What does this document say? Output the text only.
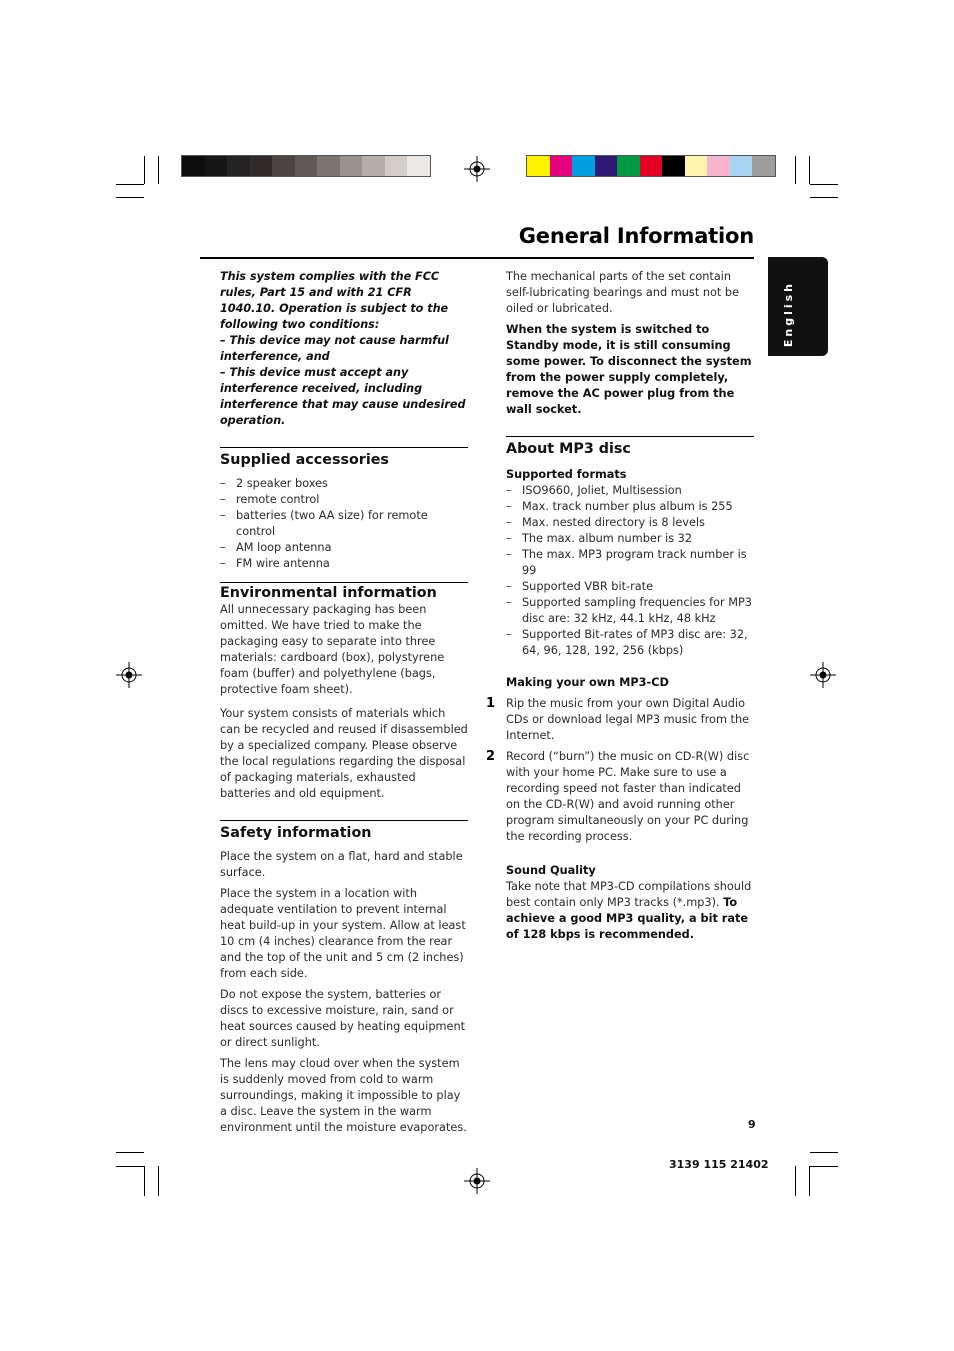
General Information
English

This system complies with the FCC rules, Part 15 and with 21 CFR 1040.10. Operation is subject to the following two conditions:

– This device may not cause harmful interference, and

– This device must accept any interference received, including interference that may cause undesired operation.

Supplied accessories
– 2 speaker boxes
– remote control
– batteries (two AA size) for remote control
– AM loop antenna
– FM wire antenna
Environmental information

All unnecessary packaging has been omitted. We have tried to make the packaging easy to separate into three materials: cardboard (box), polystyrene foam (buffer) and polyethylene (bags, protective foam sheet).

Your system consists of materials which can be recycled and reused if disassembled by a specialized company. Please observe the local regulations regarding the disposal of packaging materials, exhausted batteries and old equipment.

Safety information

Place the system on a flat, hard and stable surface.

Place the system in a location with adequate ventilation to prevent internal heat build-up in your system. Allow at least 10 cm (4 inches) clearance from the rear and the top of the unit and 5 cm (2 inches) from each side.

Do not expose the system, batteries or discs to excessive moisture, rain, sand or heat sources caused by heating equipment or direct sunlight.

The lens may cloud over when the system is suddenly moved from cold to warm surroundings, making it impossible to play a disc. Leave the system in the warm environment until the moisture evaporates.

The mechanical parts of the set contain self-lubricating bearings and must not be oiled or lubricated.

When the system is switched to Standby mode, it is still consuming some power. To disconnect the system from the power supply completely, remove the AC power plug from the wall socket.

About MP3 disc
Supported formats
– ISO9660, Joliet, Multisession
– Max. track number plus album is 255
– Max. nested directory is 8 levels
– The max. album number is 32
– The max. MP3 program track number is 99
– Supported VBR bit-rate
– Supported sampling frequencies for MP3 disc are: 32 kHz, 44.1 kHz, 48 kHz
– Supported Bit-rates of MP3 disc are: 32, 64, 96, 128, 192, 256 (kbps)
Making your own MP3-CD
1 Rip the music from your own Digital Audio CDs or download legal MP3 music from the Internet.
2 Record (“burn”) the music on CD-R(W) disc with your home PC. Make sure to use a recording speed not faster than indicated on the CD-R(W) and avoid running other program simultaneously on your PC during the recording process.
Sound Quality

Take note that MP3-CD compilations should best contain only MP3 tracks (*.mp3). To achieve a good MP3 quality, a bit rate of 128 kbps is recommended.

9
3139 115 21402
